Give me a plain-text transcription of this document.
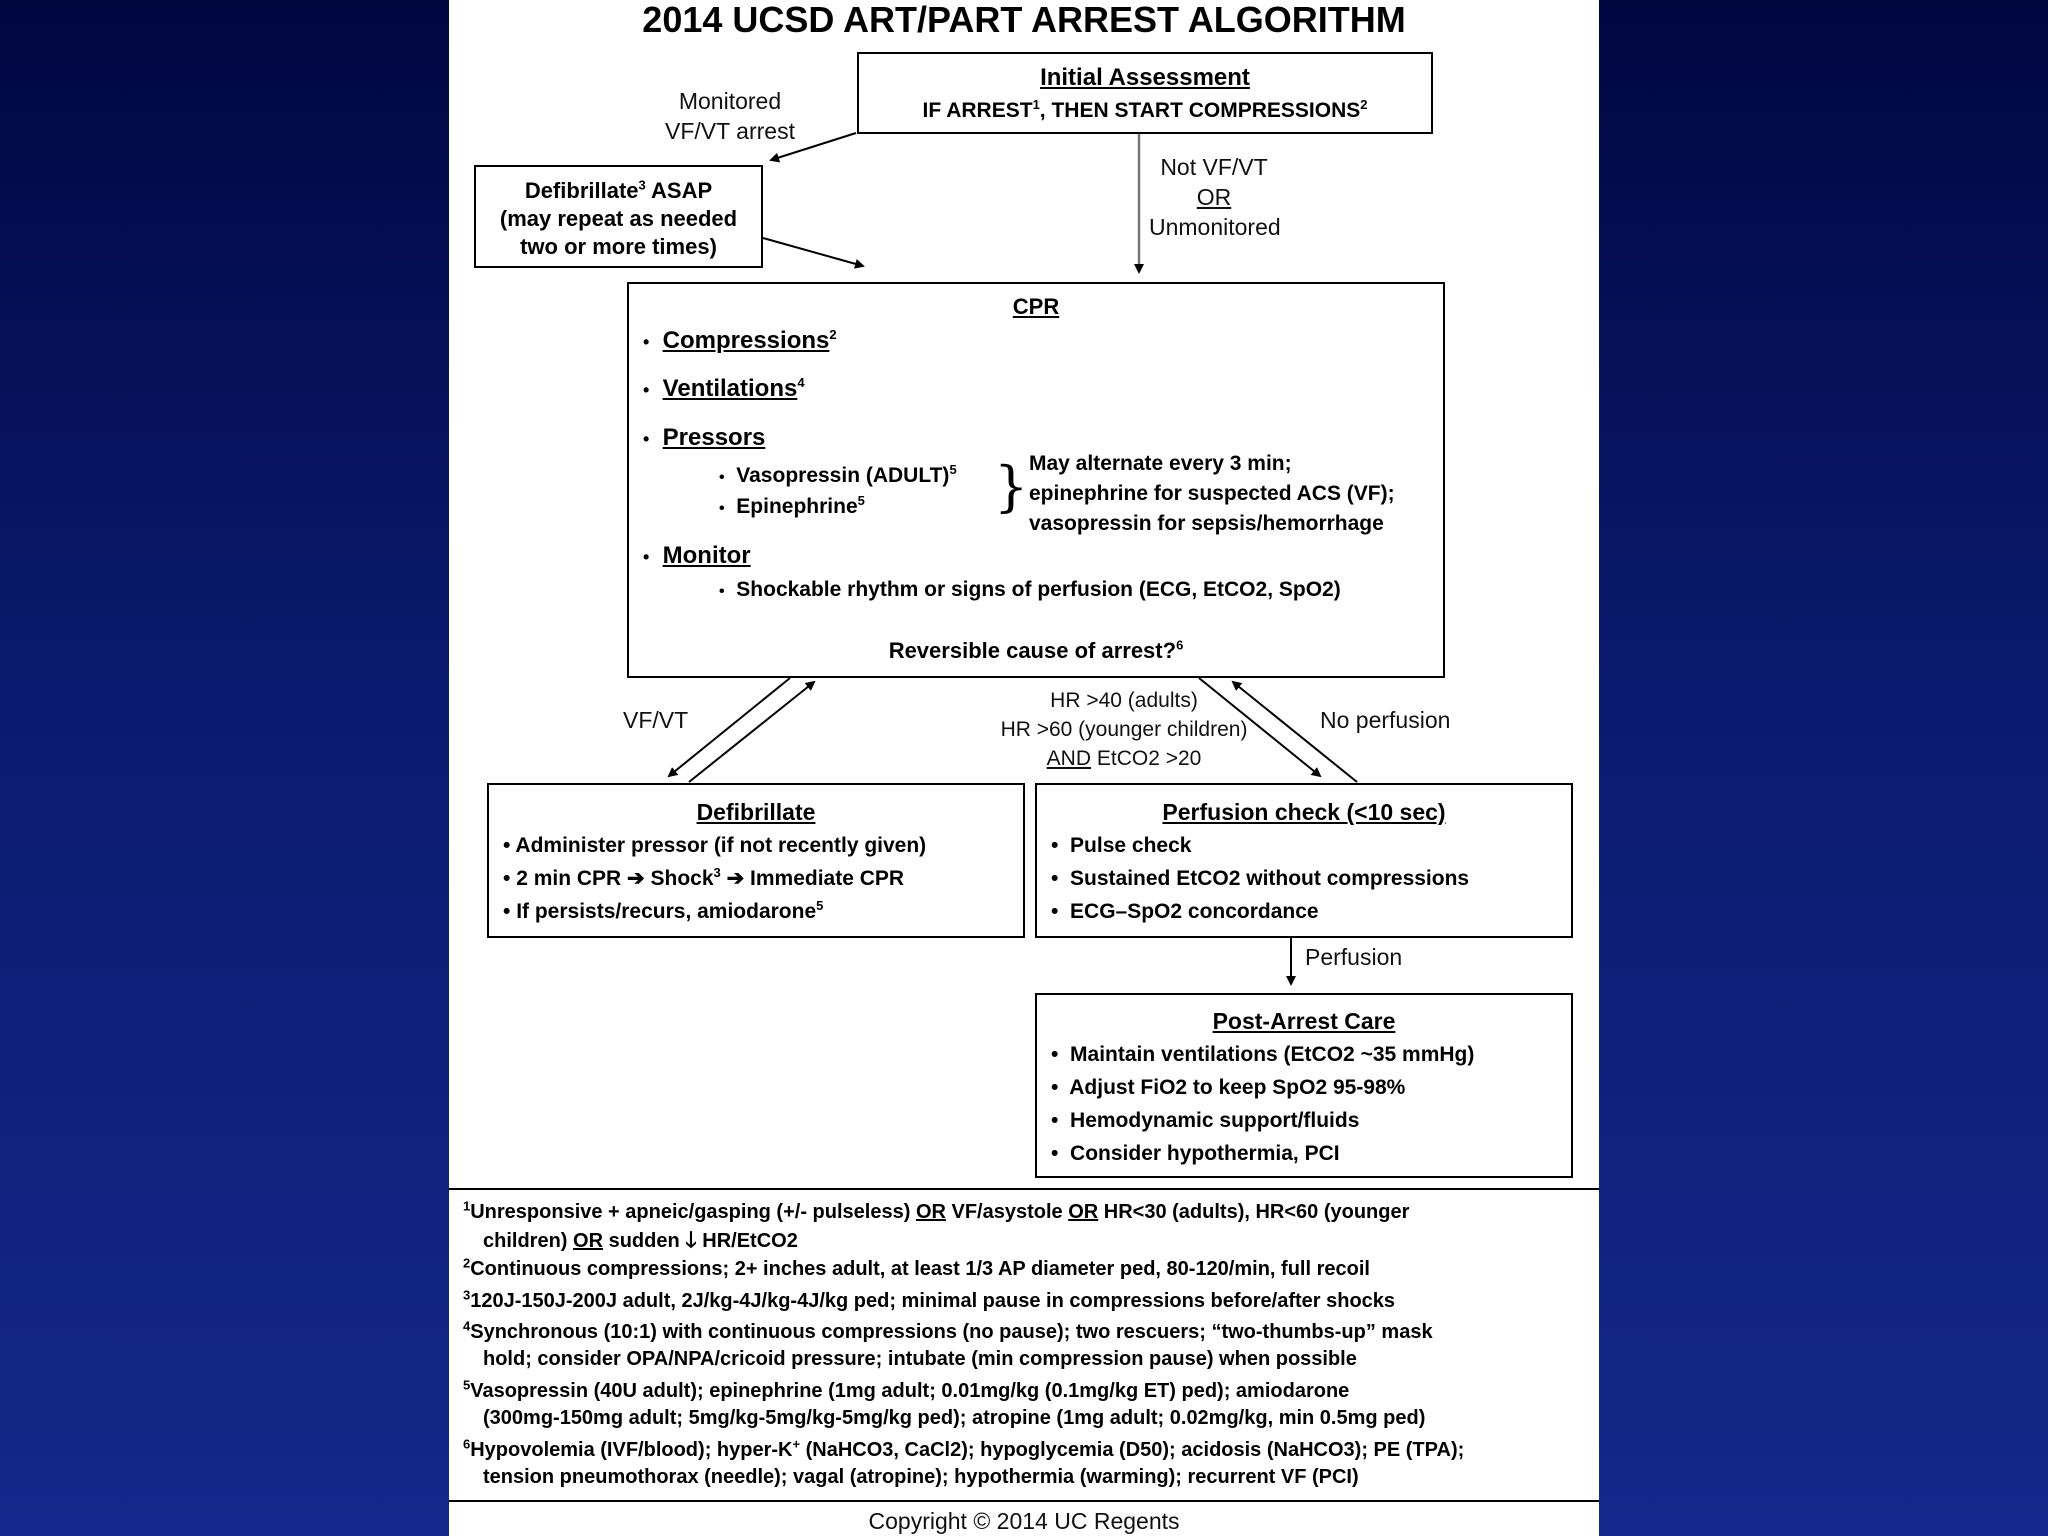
2014 UCSD ART/PART ARREST ALGORITHM
Initial Assessment
IF ARREST$^1$, THEN START COMPRESSIONS$^2$
Monitored
VF/VT arrest
Not VF/VT
OR
Unmonitored
Defibrillate$^3$ ASAP
(may repeat as needed
two or more times)
CPR
• Compressions$^2$
• Ventilations$^4$
• Pressors
• Vasopressin (ADULT)$^5$
• Epinephrine$^5$ } May alternate every 3 min;
epinephrine for suspected ACS (VF);
vasopressin for sepsis/hemorrhage
• Monitor
• Shockable rhythm or signs of perfusion (ECG, EtCO2, SpO2)
Reversible cause of arrest?$^6$
VF/VT
HR >40 (adults)
HR >60 (younger children)
AND EtCO2 >20
No perfusion
Defibrillate
• Administer pressor (if not recently given)
• 2 min CPR ➔ Shock$^3$ ➔ Immediate CPR
• If persists/recurs, amiodarone$^5$
Perfusion check (<10 sec)
•  Pulse check
•  Sustained EtCO2 without compressions
•  ECG–SpO2 concordance
Perfusion
Post-Arrest Care
•  Maintain ventilations (EtCO2 ~35 mmHg)
•  Adjust FiO2 to keep SpO2 95-98%
•  Hemodynamic support/fluids
•  Consider hypothermia, PCI
$^1$Unresponsive + apneic/gasping (+/- pulseless) OR VF/asystole OR HR<30 (adults), HR<60 (younger
children) OR sudden 🡓 HR/EtCO2
$^2$Continuous compressions; 2+ inches adult, at least 1/3 AP diameter ped, 80-120/min, full recoil
$^3$120J-150J-200J adult, 2J/kg-4J/kg-4J/kg ped; minimal pause in compressions before/after shocks
$^4$Synchronous (10:1) with continuous compressions (no pause); two rescuers; “two-thumbs-up” mask
hold; consider OPA/NPA/cricoid pressure; intubate (min compression pause) when possible
$^5$Vasopressin (40U adult); epinephrine (1mg adult; 0.01mg/kg (0.1mg/kg ET) ped); amiodarone
(300mg-150mg adult; 5mg/kg-5mg/kg-5mg/kg ped); atropine (1mg adult; 0.02mg/kg, min 0.5mg ped)
$^6$Hypovolemia (IVF/blood); hyper-K+ (NaHCO3, CaCl2); hypoglycemia (D50); acidosis (NaHCO3); PE (TPA);
tension pneumothorax (needle); vagal (atropine); hypothermia (warming); recurrent VF (PCI)
Copyright © 2014 UC Regents
